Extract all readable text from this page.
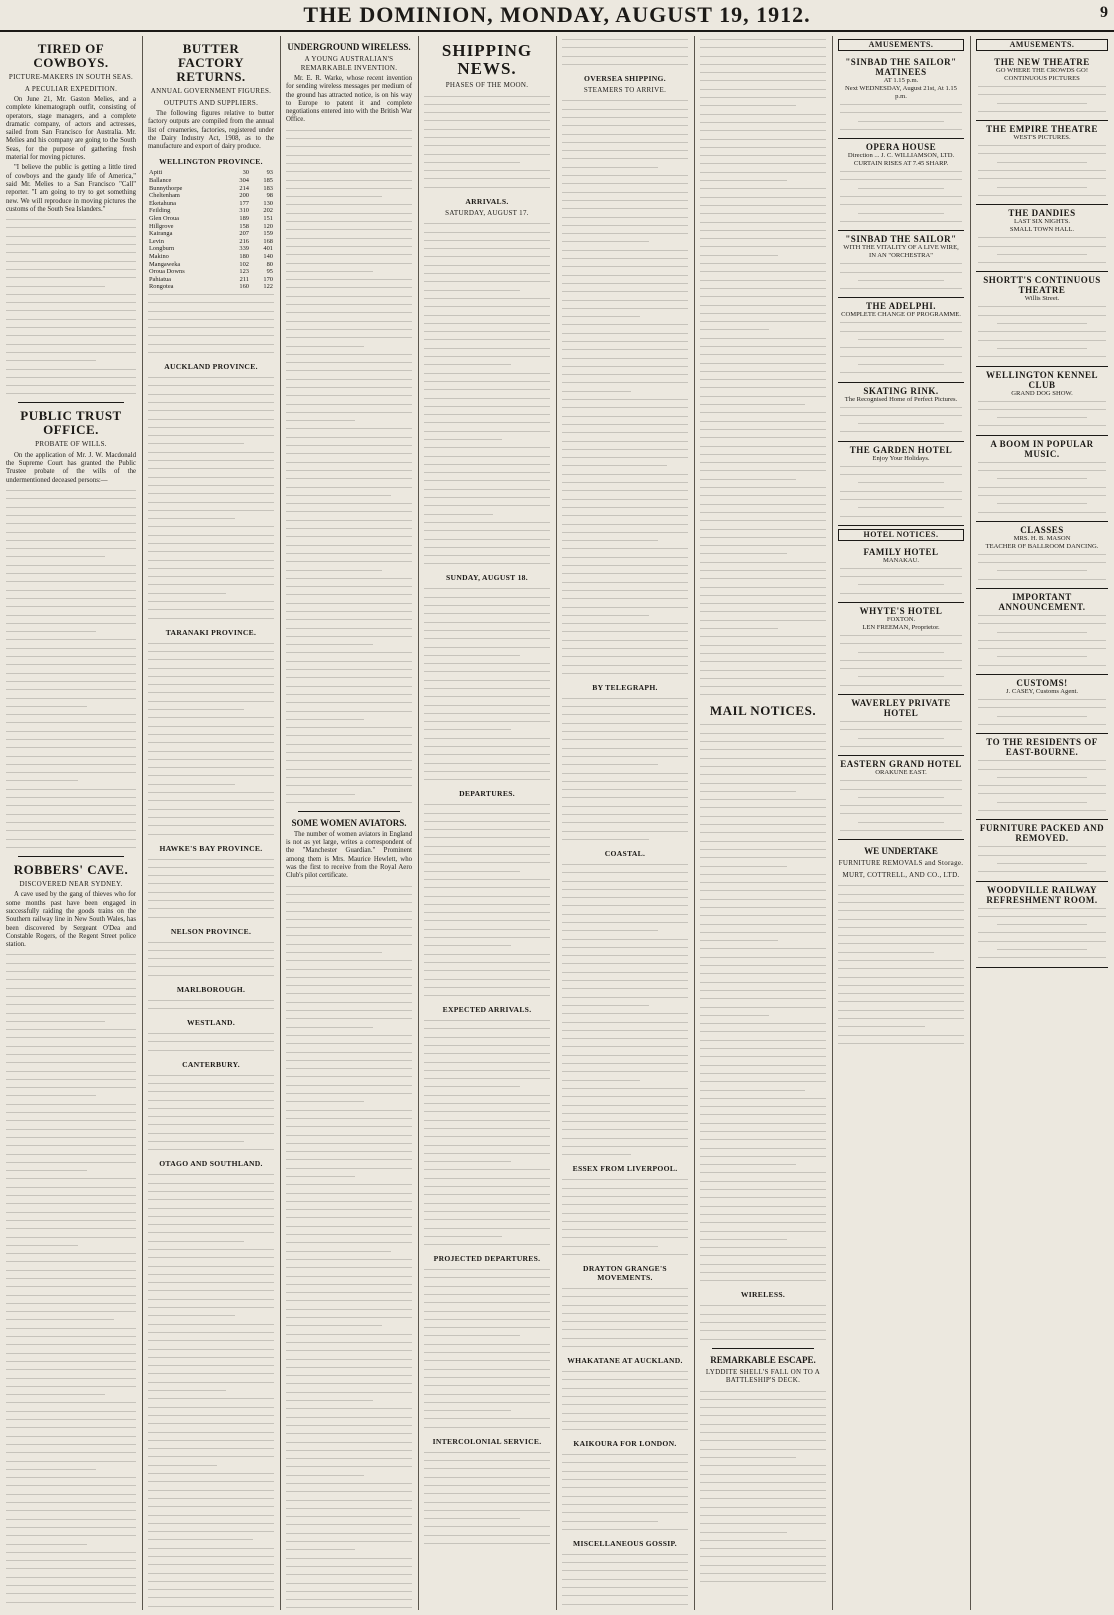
THE DOMINION, MONDAY, AUGUST 19, 1912.	9
TIRED OF COWBOYS.
PICTURE-MAKERS IN SOUTH SEAS.
A PECULIAR EXPEDITION.

On June 21, Mr. Gaston Melies, and a complete kinematograph outfit, consisting of operators, stage managers, and a complete dramatic company, of actors and actresses, sailed from San Francisco for Australia. Mr. Melies and his company are going to the South Seas, for the purpose of gathering fresh material for moving pictures.

"I believe the public is getting a little tired of cowboys and the gaudy life of America," said Mr. Melies to a San Francisco "Call" reporter. "I am going to try to get something new. We will reproduce in moving pictures the customs of the South Sea Islanders."

PUBLIC TRUST OFFICE.
PROBATE OF WILLS.

On the application of Mr. J. W. Macdonald the Supreme Court has granted the Public Trustee probate of the wills of the undermentioned deceased persons:—

ROBBERS' CAVE.
DISCOVERED NEAR SYDNEY.

A cave used by the gang of thieves who for some months past have been engaged in successfully raiding the goods trains on the Southern railway line in New South Wales, has been discovered by Sergeant O'Dea and Constable Rogers, of the Regent Street police station.

BUTTER FACTORY RETURNS.
ANNUAL GOVERNMENT FIGURES.
OUTPUTS AND SUPPLIERS.

The following figures relative to butter factory outputs are compiled from the annual list of creameries, factories, registered under the Dairy Industry Act, 1908, as to the manufacture and export of dairy produce.

WELLINGTON PROVINCE.
Apiti	30	93
Ballance	304	185
Bunnythorpe	214	183
Cheltenham	200	98
Eketahuna	177	130
Feilding	310	202
Glen Oroua	189	151
Hillgrove	158	120
Kairanga	207	159
Levin	216	168
Longburn	339	401
Makino	180	140
Mangaweka	102	80
Oroua Downs	123	95
Pahiatua	211	170
Rongotea	160	122
AUCKLAND PROVINCE.
TARANAKI PROVINCE.
HAWKE'S BAY PROVINCE.
NELSON PROVINCE.
MARLBOROUGH.
WESTLAND.
CANTERBURY.
OTAGO AND SOUTHLAND.
UNDERGROUND WIRELESS.
A YOUNG AUSTRALIAN'S REMARKABLE INVENTION.

Mr. E. R. Warke, whose recent invention for sending wireless messages per medium of the ground has attracted notice, is on his way to Europe to patent it and complete negotiations entered into with the British War Office.

SOME WOMEN AVIATORS.

The number of women aviators in England is not as yet large, writes a correspondent of the "Manchester Guardian." Prominent among them is Mrs. Maurice Hewlett, who was the first to receive from the Royal Aero Club's pilot certificate.

SHIPPING NEWS.
PHASES OF THE MOON.
ARRIVALS.
SATURDAY, AUGUST 17.
SUNDAY, AUGUST 18.
DEPARTURES.
EXPECTED ARRIVALS.
PROJECTED DEPARTURES.
INTERCOLONIAL SERVICE.
OVERSEA SHIPPING.
STEAMERS TO ARRIVE.
BY TELEGRAPH.
COASTAL.
ESSEX FROM LIVERPOOL.
DRAYTON GRANGE'S MOVEMENTS.
WHAKATANE AT AUCKLAND.
KAIKOURA FOR LONDON.
MISCELLANEOUS GOSSIP.
MAIL NOTICES.
WIRELESS.
REMARKABLE ESCAPE.
LYDDITE SHELL'S FALL ON TO A BATTLESHIP'S DECK.
AMUSEMENTS.
"SINBAD THE SAILOR" MATINEES
AT 1.15 p.m.
Next WEDNESDAY, August 21st, At 1.15 p.m.
OPERA HOUSE
Direction ... J. C. WILLIAMSON, LTD.
CURTAIN RISES AT 7.45 SHARP.
"SINBAD THE SAILOR"
WITH THE VITALITY OF A LIVE WIRE, IN AN "ORCHESTRA"
THE ADELPHI.
COMPLETE CHANGE OF PROGRAMME.
SKATING RINK.
The Recognised Home of Perfect Pictures.
THE GARDEN HOTEL
Enjoy Your Holidays.
HOTEL NOTICES.
FAMILY HOTEL
MANAKAU.
WHYTE'S HOTEL
FOXTON.
LEN FREEMAN, Proprietor.
WAVERLEY PRIVATE HOTEL
EASTERN GRAND HOTEL
ORAKUNE EAST.
WE UNDERTAKE
FURNITURE REMOVALS and Storage.
MURT, COTTRELL, AND CO., LTD.
AMUSEMENTS.
THE NEW THEATRE
GO WHERE THE CROWDS GO!
CONTINUOUS PICTURES
THE EMPIRE THEATRE
WEST'S PICTURES.
THE DANDIES
LAST SIX NIGHTS.
SMALL TOWN HALL.
SHORTT'S CONTINUOUS THEATRE
Willis Street.
WELLINGTON KENNEL CLUB
GRAND DOG SHOW.
A BOOM IN POPULAR MUSIC.
CLASSES
MRS. H. B. MASON
TEACHER OF BALLROOM DANCING.
IMPORTANT ANNOUNCEMENT.
CUSTOMS!
J. CASEY, Customs Agent.
TO THE RESIDENTS OF EAST-BOURNE.
FURNITURE PACKED AND REMOVED.
WOODVILLE RAILWAY REFRESHMENT ROOM.
